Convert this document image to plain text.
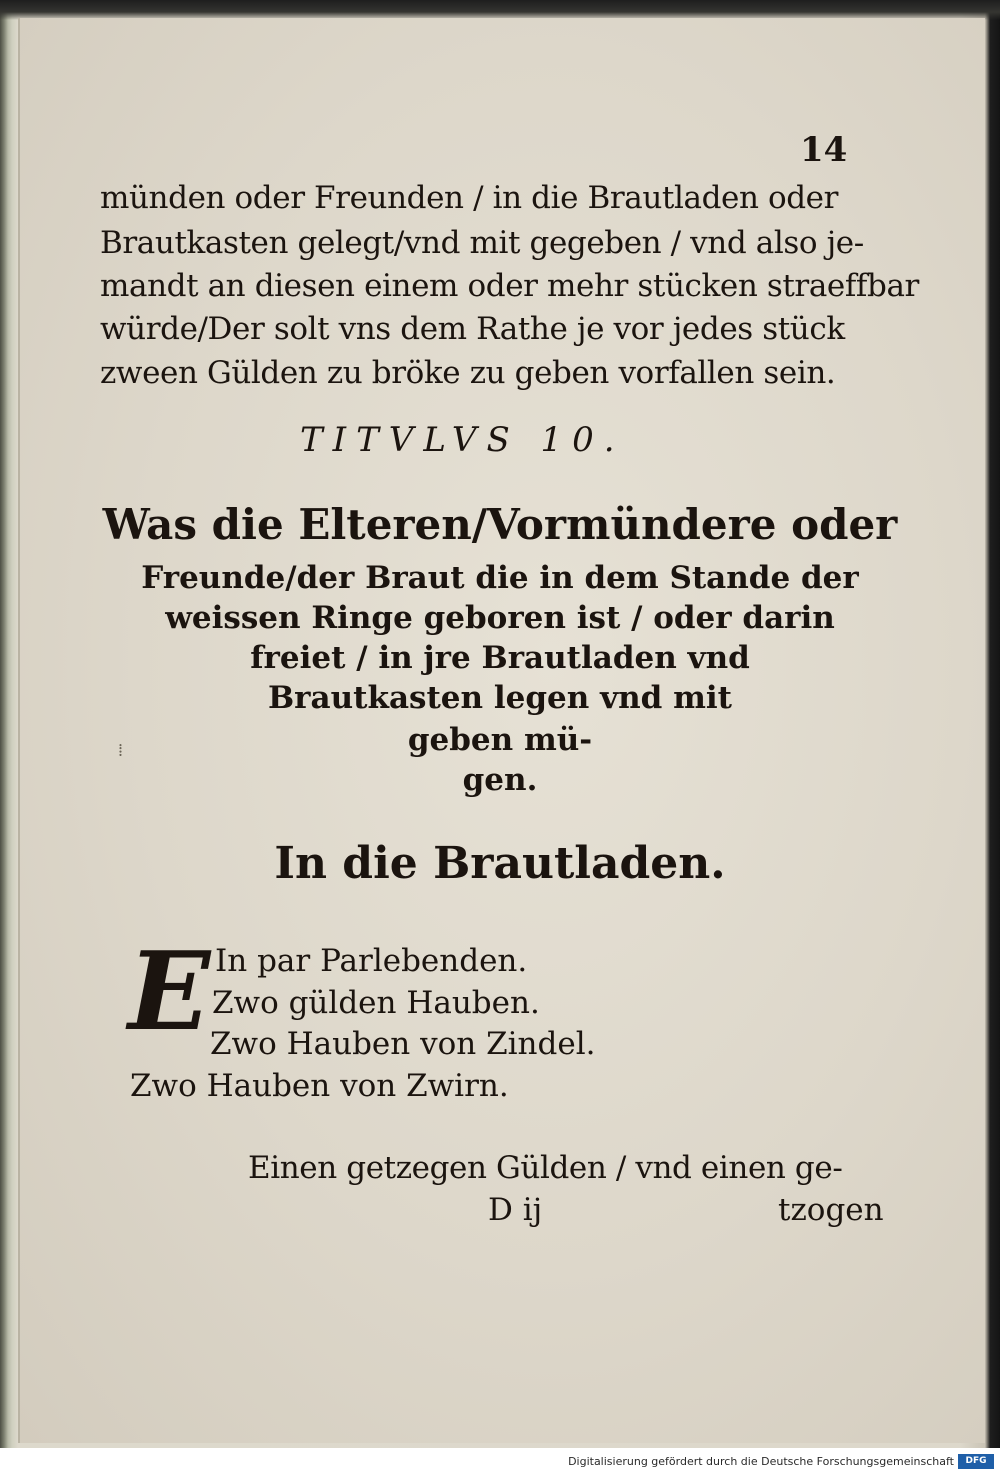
14
münden oder Freunden / in die Brautladen oder
Brautkasten gelegt/vnd mit gegeben / vnd also je-
mandt an diesen einem oder mehr stücken straeffbar
würde/Der solt vns dem Rathe je vor jedes stück
zween Gülden zu bröke zu geben vorfallen sein.
TITVLVS 10.
Was die Elteren/Vormündere oder
Freunde/der Braut die in dem Stande der
weissen Ringe geboren ist / oder darin
freiet / in jre Brautladen vnd
Brautkasten legen vnd mit
geben mü-
gen.
In die Brautladen.
E In par Parlebenden.
Zwo gülden Hauben.
Zwo Hauben von Zindel.
Zwo Hauben von Zwirn.
Einen getzegen Gülden / vnd einen ge-
D ij	tzogen
⁞
Digitalisierung gefördert durch die Deutsche Forschungsgemeinschaft	DFG
